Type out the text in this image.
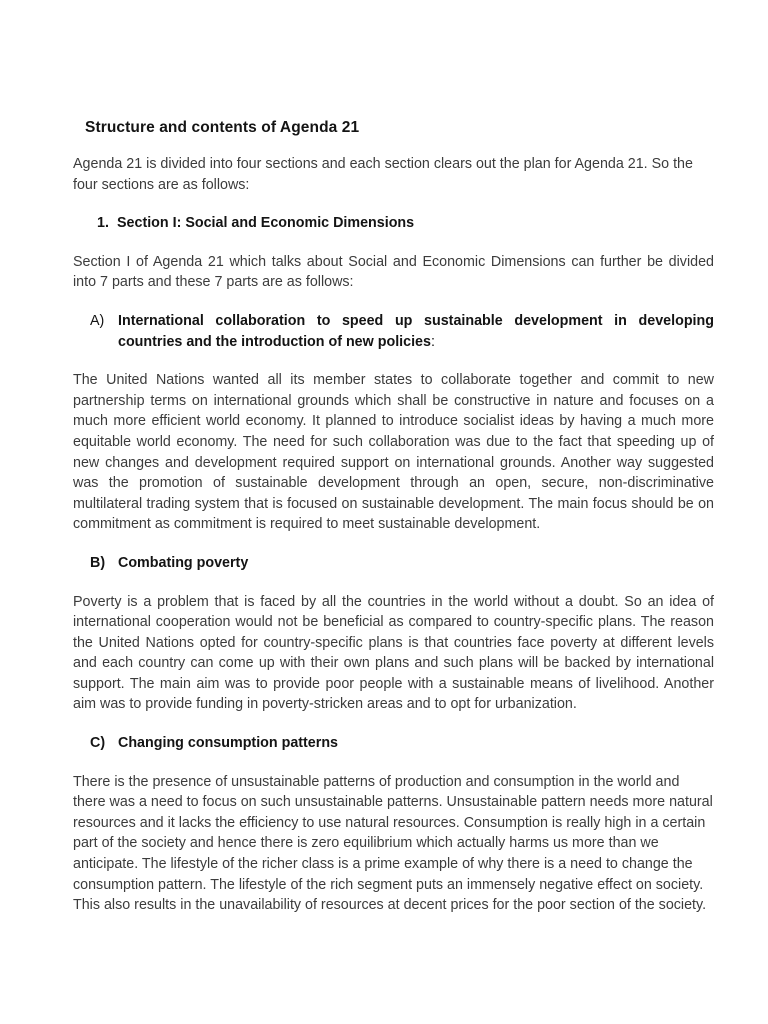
Structure and contents of Agenda 21

Agenda 21 is divided into four sections and each section clears out the plan for Agenda 21. So the four sections are as follows:

1. Section I: Social and Economic Dimensions

Section I of Agenda 21 which talks about Social and Economic Dimensions can further be divided into 7 parts and these 7 parts are as follows:

A) International collaboration to speed up sustainable development in developing countries and the introduction of new policies:

The United Nations wanted all its member states to collaborate together and commit to new partnership terms on international grounds which shall be constructive in nature and focuses on a much more efficient world economy. It planned to introduce socialist ideas by having a much more equitable world economy. The need for such collaboration was due to the fact that speeding up of new changes and development required support on international grounds. Another way suggested was the promotion of sustainable development through an open, secure, non-discriminative multilateral trading system that is focused on sustainable development. The main focus should be on commitment as commitment is required to meet sustainable development.

B) Combating poverty

Poverty is a problem that is faced by all the countries in the world without a doubt. So an idea of international cooperation would not be beneficial as compared to country-specific plans. The reason the United Nations opted for country-specific plans is that countries face poverty at different levels and each country can come up with their own plans and such plans will be backed by international support. The main aim was to provide poor people with a sustainable means of livelihood. Another aim was to provide funding in poverty-stricken areas and to opt for urbanization.

C) Changing consumption patterns

There is the presence of unsustainable patterns of production and consumption in the world and there was a need to focus on such unsustainable patterns. Unsustainable pattern needs more natural resources and it lacks the efficiency to use natural resources. Consumption is really high in a certain part of the society and hence there is zero equilibrium which actually harms us more than we anticipate. The lifestyle of the richer class is a prime example of why there is a need to change the consumption pattern. The lifestyle of the rich segment puts an immensely negative effect on society. This also results in the unavailability of resources at decent prices for the poor section of the society.
